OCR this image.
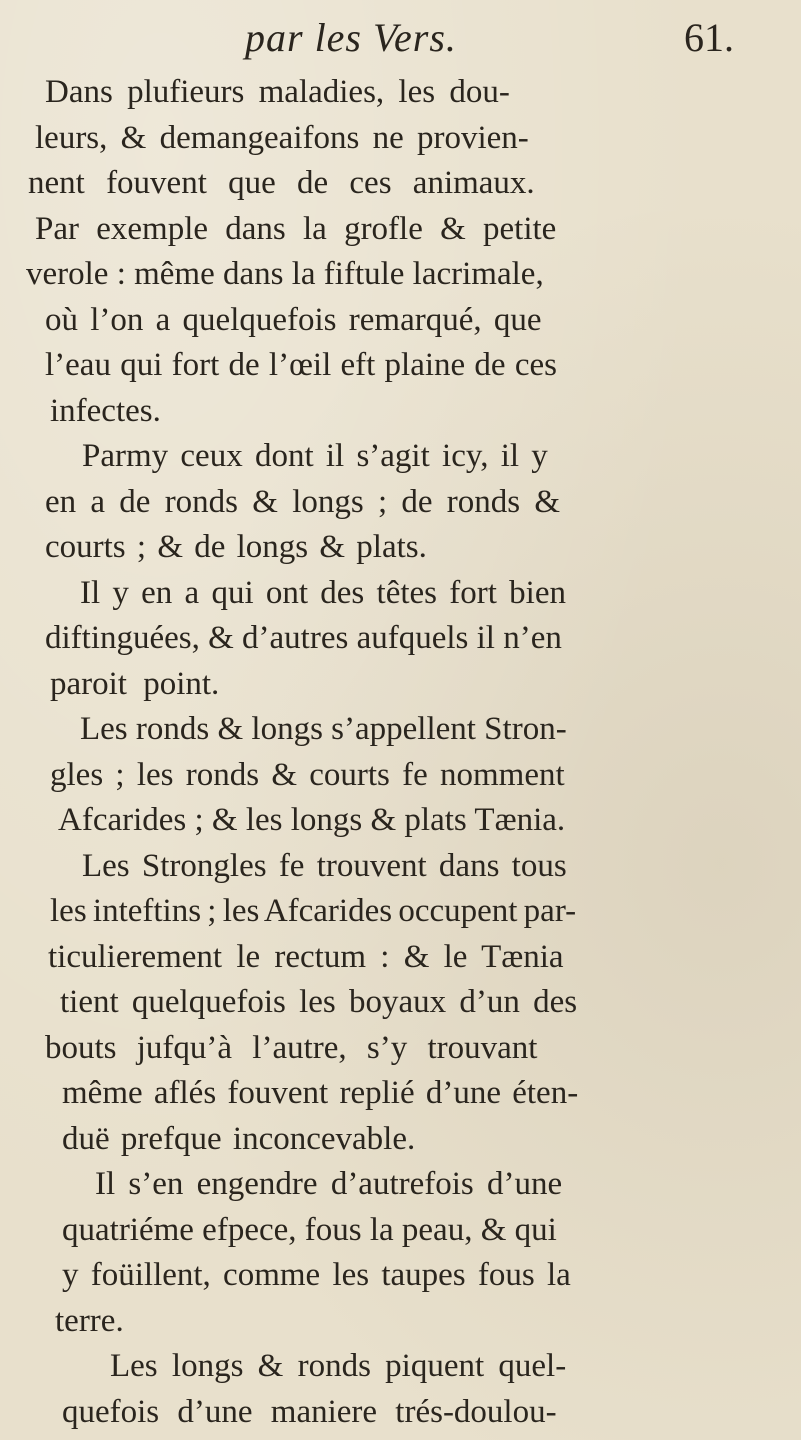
par les Vers.	61.
Dans plufieurs maladies, les dou-
leurs, & demangeaifons ne provien-
nent fouvent que de ces animaux.
Par exemple dans la grofle & petite
verole : même dans la fiftule lacrimale,
où l’on a quelquefois remarqué, que
l’eau qui fort de l’œil eft plaine de ces
infectes.
Parmy ceux dont il s’agit icy, il y
en a de ronds & longs ; de ronds &
courts ; & de longs & plats.
Il y en a qui ont des têtes fort bien
diftinguées, & d’autres aufquels il n’en
paroit point.
Les ronds & longs s’appellent Stron-
gles ; les ronds & courts fe nomment
Afcarides ; & les longs & plats Tænia.
Les Strongles fe trouvent dans tous
les inteftins ; les Afcarides occupent par-
ticulierement le rectum : & le Tænia
tient quelquefois les boyaux d’un des
bouts jufqu’à l’autre, s’y trouvant
même aflés fouvent replié d’une éten-
duë prefque inconcevable.
Il s’en engendre d’autrefois d’une
quatriéme efpece, fous la peau, & qui
y foüillent, comme les taupes fous la
terre.
Les longs & ronds piquent quel-
quefois d’une maniere trés-doulou-
